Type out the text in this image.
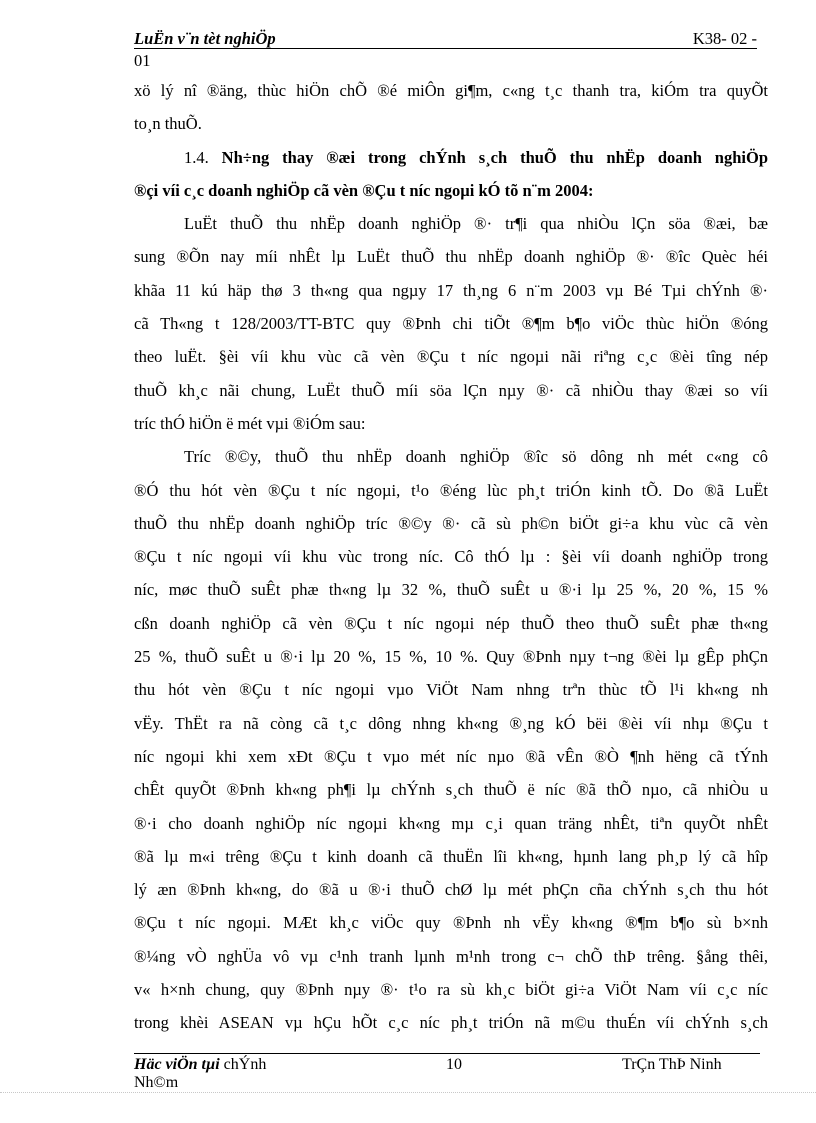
LuËn v¨n tèt nghiÖp	K38- 02 -
01

xö lý nî ®äng, thùc hiÖn chÕ ®é miÔn gi¶m, c«ng t¸c thanh tra, kiÓm tra quyÕt
to¸n thuÕ.

1.4. Nh÷ng thay ®æi trong chÝnh s¸ch thuÕ thu nhËp doanh nghiÖp
®çi víi c¸c doanh nghiÖp cã vèn ®Çu t níc ngoµi kÓ tõ n¨m 2004:

LuËt thuÕ thu nhËp doanh nghiÖp ®· tr¶i qua nhiÒu lÇn söa ®æi, bæ
sung ®Õn nay míi nhÊt lµ LuËt thuÕ thu nhËp doanh nghiÖp ®· ®îc Quèc héi
khãa 11 kú häp thø 3 th«ng qua ngµy 17 th¸ng 6 n¨m 2003 vµ Bé Tµi chÝnh ®·
cã Th«ng t 128/2003/TT-BTC quy ®Þnh chi tiÕt ®¶m b¶o viÖc thùc hiÖn ®óng
theo luËt. §èi víi khu vùc cã vèn ®Çu t níc ngoµi nãi riªng c¸c ®èi tîng nép
thuÕ kh¸c nãi chung, LuËt thuÕ míi söa lÇn nµy ®· cã nhiÒu thay ®æi so víi
tríc thÓ hiÖn ë mét vµi ®iÓm sau:

Tríc ®©y, thuÕ thu nhËp doanh nghiÖp ®îc sö dông nh mét c«ng cô
®Ó thu hót vèn ®Çu t níc ngoµi, t¹o ®éng lùc ph¸t triÓn kinh tÕ. Do ®ã LuËt
thuÕ thu nhËp doanh nghiÖp tríc ®©y ®· cã sù ph©n biÖt gi÷a khu vùc cã vèn
®Çu t níc ngoµi víi khu vùc trong níc. Cô thÓ lµ : §èi víi doanh nghiÖp trong
níc, møc thuÕ suÊt phæ th«ng lµ 32 %, thuÕ suÊt u ®·i lµ 25 %, 20 %, 15 %
cßn doanh nghiÖp cã vèn ®Çu t níc ngoµi nép thuÕ theo thuÕ suÊt phæ th«ng
25 %, thuÕ suÊt u ®·i lµ 20 %, 15 %, 10 %. Quy ®Þnh nµy t¬ng ®èi lµ gÊp phÇn
thu hót vèn ®Çu t níc ngoµi vµo ViÖt Nam nhng trªn thùc tÕ l¹i kh«ng nh
vËy. ThËt ra nã còng cã t¸c dông nhng kh«ng ®¸ng kÓ bëi ®èi víi nhµ ®Çu t
níc ngoµi khi xem xÐt ®Çu t vµo mét níc nµo ®ã vÊn ®Ò ¶nh hëng cã tÝnh
chÊt quyÕt ®Þnh kh«ng ph¶i lµ chÝnh s¸ch thuÕ ë níc ®ã thÕ nµo, cã nhiÒu u
®·i cho doanh nghiÖp níc ngoµi kh«ng mµ c¸i quan träng nhÊt, tiªn quyÕt nhÊt
®ã lµ m«i trêng ®Çu t kinh doanh cã thuËn lîi kh«ng, hµnh lang ph¸p lý cã hîp
lý æn ®Þnh kh«ng, do ®ã u ®·i thuÕ chØ lµ mét phÇn cña chÝnh s¸ch thu hót
®Çu t níc ngoµi. MÆt kh¸c viÖc quy ®Þnh nh vËy kh«ng ®¶m b¶o sù b×nh
®¼ng vÒ nghÜa vô vµ c¹nh tranh lµnh m¹nh trong c¬ chÕ thÞ trêng. §ång thêi,
v« h×nh chung, quy ®Þnh nµy ®· t¹o ra sù kh¸c biÖt gi÷a ViÖt Nam víi c¸c níc
trong khèi ASEAN vµ hÇu hÕt c¸c níc ph¸t triÓn nã m©u thuÉn víi chÝnh s¸ch

Häc viÖn tµi chÝnh
Nh©m
10	TrÇn ThÞ Ninh
